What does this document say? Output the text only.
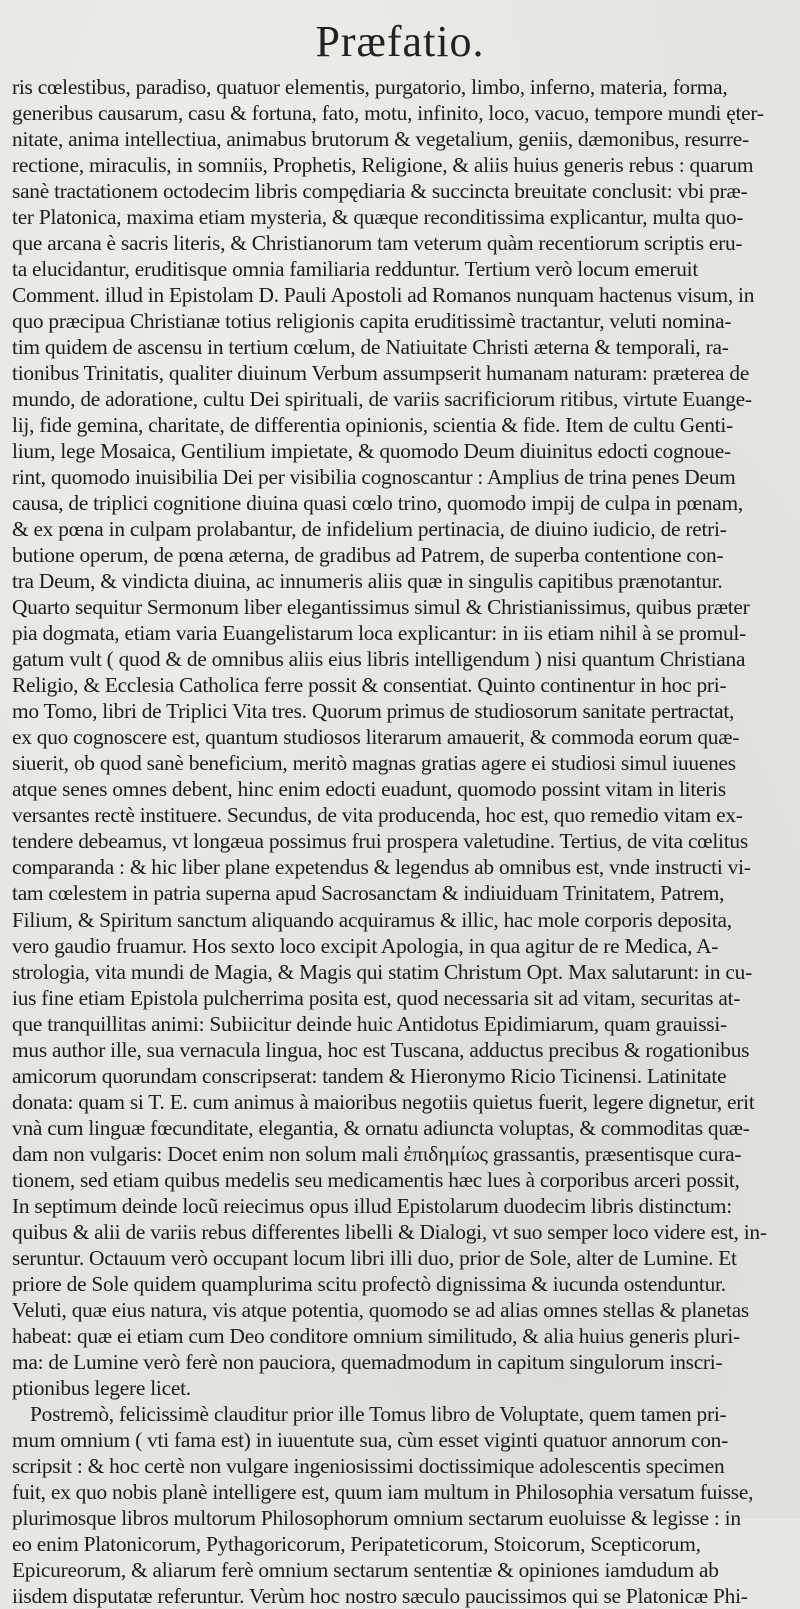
Præfatio.
ris cœlestibus, paradiso, quatuor elementis, purgatorio, limbo, inferno, materia, forma,
generibus causarum, casu & fortuna, fato, motu, infinito, loco, vacuo, tempore mundi ęter-
nitate, anima intellectiua, animabus brutorum & vegetalium, geniis, dæmonibus, resurre-
rectione, miraculis, in somniis, Prophetis, Religione, & aliis huius generis rebus : quarum
sanè tractationem octodecim libris compędiaria & succincta breuitate conclusit: vbi præ-
ter Platonica, maxima etiam mysteria, & quæque reconditissima explicantur, multa quo-
que arcana è sacris literis, & Christianorum tam veterum quàm recentiorum scriptis eru-
ta elucidantur, eruditisque omnia familiaria redduntur. Tertium verò locum emeruit
Comment. illud in Epistolam D. Pauli Apostoli ad Romanos nunquam hactenus visum, in
quo præcipua Christianæ totius religionis capita eruditissimè tractantur, veluti nomina-
tim quidem de ascensu in tertium cœlum, de Natiuitate Christi æterna & temporali, ra-
tionibus Trinitatis, qualiter diuinum Verbum assumpserit humanam naturam: præterea de
mundo, de adoratione, cultu Dei spirituali, de variis sacrificiorum ritibus, virtute Euange-
lij, fide gemina, charitate, de differentia opinionis, scientia & fide. Item de cultu Genti-
lium, lege Mosaica, Gentilium impietate, & quomodo Deum diuinitus edocti cognoue-
rint, quomodo inuisibilia Dei per visibilia cognoscantur : Amplius de trina penes Deum
causa, de triplici cognitione diuina quasi cœlo trino, quomodo impij de culpa in pœnam,
& ex pœna in culpam prolabantur, de infidelium pertinacia, de diuino iudicio, de retri-
butione operum, de pœna æterna, de gradibus ad Patrem, de superba contentione con-
tra Deum, & vindicta diuina, ac innumeris aliis quæ in singulis capitibus prænotantur.
Quarto sequitur Sermonum liber elegantissimus simul & Christianissimus, quibus præter
pia dogmata, etiam varia Euangelistarum loca explicantur: in iis etiam nihil à se promul-
gatum vult ( quod & de omnibus aliis eius libris intelligendum ) nisi quantum Christiana
Religio, & Ecclesia Catholica ferre possit & consentiat. Quinto continentur in hoc pri-
mo Tomo, libri de Triplici Vita tres. Quorum primus de studiosorum sanitate pertractat,
ex quo cognoscere est, quantum studiosos literarum amauerit, & commoda eorum quæ-
siuerit, ob quod sanè beneficium, meritò magnas gratias agere ei studiosi simul iuuenes
atque senes omnes debent, hinc enim edocti euadunt, quomodo possint vitam in literis
versantes rectè instituere. Secundus, de vita producenda, hoc est, quo remedio vitam ex-
tendere debeamus, vt longæua possimus frui prospera valetudine. Tertius, de vita cœlitus
comparanda : & hic liber plane expetendus & legendus ab omnibus est, vnde instructi vi-
tam cœlestem in patria superna apud Sacrosanctam & indiuiduam Trinitatem, Patrem,
Filium, & Spiritum sanctum aliquando acquiramus & illic, hac mole corporis deposita,
vero gaudio fruamur. Hos sexto loco excipit Apologia, in qua agitur de re Medica, A-
strologia, vita mundi de Magia, & Magis qui statim Christum Opt. Max salutarunt: in cu-
ius fine etiam Epistola pulcherrima posita est, quod necessaria sit ad vitam, securitas at-
que tranquillitas animi: Subiicitur deinde huic Antidotus Epidimiarum, quam grauissi-
mus author ille, sua vernacula lingua, hoc est Tuscana, adductus precibus & rogationibus
amicorum quorundam conscripserat: tandem & Hieronymo Ricio Ticinensi. Latinitate
donata: quam si T. E. cum animus à maioribus negotiis quietus fuerit, legere dignetur, erit
vnà cum linguæ fœcunditate, elegantia, & ornatu adiuncta voluptas, & commoditas quæ-
dam non vulgaris: Docet enim non solum mali ἐπιδημίως grassantis, præsentisque cura-
tionem, sed etiam quibus medelis seu medicamentis hæc lues à corporibus arceri possit,
In septimum deinde locũ reiecimus opus illud Epistolarum duodecim libris distinctum:
quibus & alii de variis rebus differentes libelli & Dialogi, vt suo semper loco videre est, in-
seruntur. Octauum verò occupant locum libri illi duo, prior de Sole, alter de Lumine. Et
priore de Sole quidem quamplurima scitu profectò dignissima & iucunda ostenduntur.
Veluti, quæ eius natura, vis atque potentia, quomodo se ad alias omnes stellas & planetas
habeat: quæ ei etiam cum Deo conditore omnium similitudo, & alia huius generis pluri-
ma: de Lumine verò ferè non pauciora, quemadmodum in capitum singulorum inscri-
ptionibus legere licet.
Postremò, felicissimè clauditur prior ille Tomus libro de Voluptate, quem tamen pri-
mum omnium ( vti fama est) in iuuentute sua, cùm esset viginti quatuor annorum con-
scripsit : & hoc certè non vulgare ingeniosissimi doctissimique adolescentis specimen
fuit, ex quo nobis planè intelligere est, quum iam multum in Philosophia versatum fuisse,
plurimosque libros multorum Philosophorum omnium sectarum euoluisse & legisse : in
eo enim Platonicorum, Pythagoricorum, Peripateticorum, Stoicorum, Scepticorum,
Epicureorum, & aliarum ferè omnium sectarum sententiæ & opiniones iamdudum ab
iisdem disputatæ referuntur. Verùm hoc nostro sæculo paucissimos qui se Platonicæ Phi-
